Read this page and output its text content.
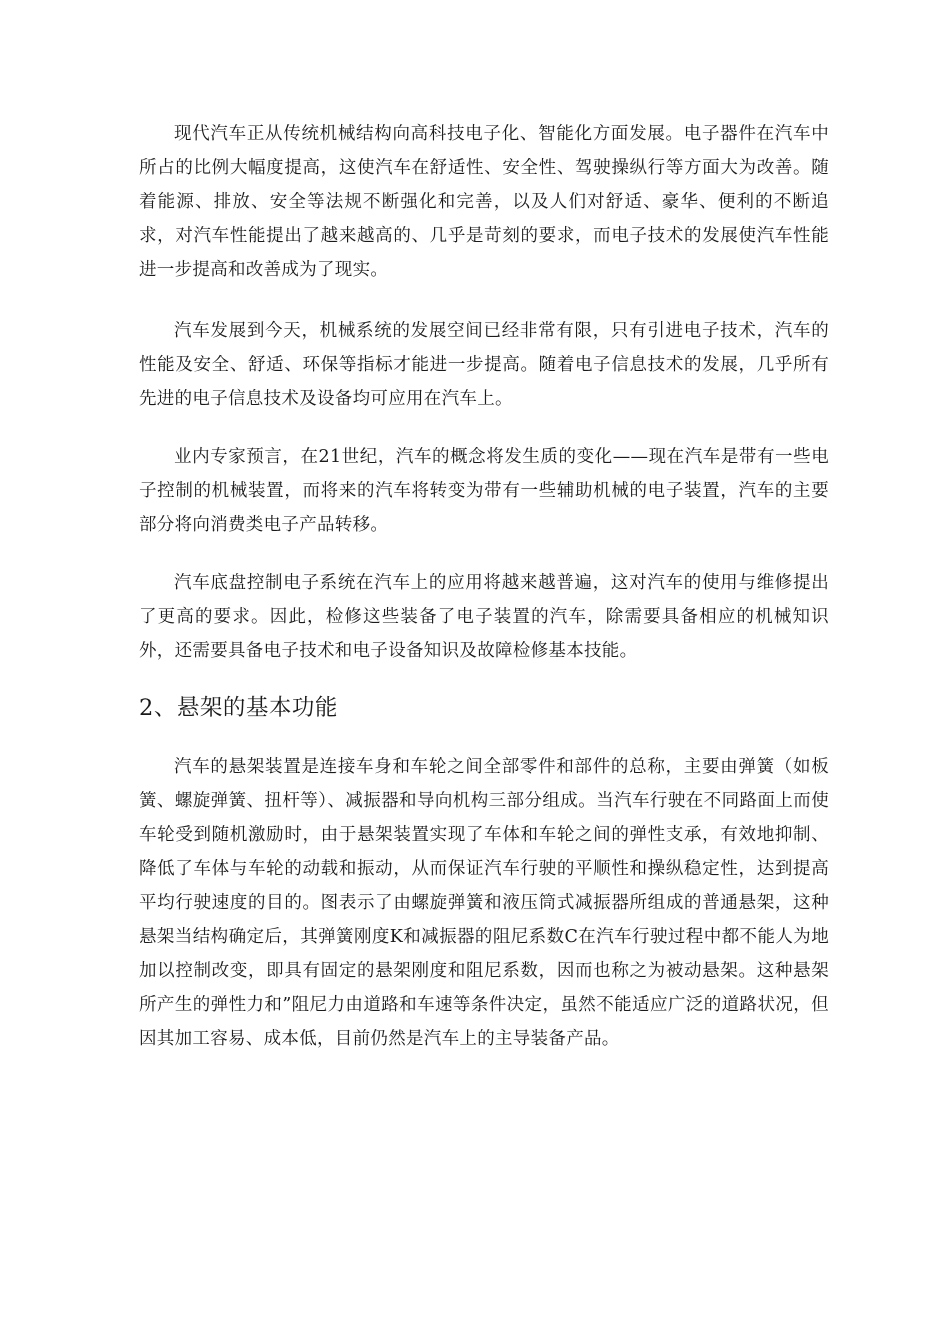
现代汽车正从传统机械结构向高科技电子化、智能化方面发展。电子器件在汽车中所占的比例大幅度提高，这使汽车在舒适性、安全性、驾驶操纵行等方面大为改善。随着能源、排放、安全等法规不断强化和完善，以及人们对舒适、豪华、便利的不断追求，对汽车性能提出了越来越高的、几乎是苛刻的要求，而电子技术的发展使汽车性能进一步提高和改善成为了现实。

汽车发展到今天，机械系统的发展空间已经非常有限，只有引进电子技术，汽车的性能及安全、舒适、环保等指标才能进一步提高。随着电子信息技术的发展，几乎所有先进的电子信息技术及设备均可应用在汽车上。

业内专家预言，在21世纪，汽车的概念将发生质的变化——现在汽车是带有一些电子控制的机械装置，而将来的汽车将转变为带有一些辅助机械的电子装置，汽车的主要部分将向消费类电子产品转移。

汽车底盘控制电子系统在汽车上的应用将越来越普遍，这对汽车的使用与维修提出了更高的要求。因此，检修这些装备了电子装置的汽车，除需要具备相应的机械知识外，还需要具备电子技术和电子设备知识及故障检修基本技能。

2、悬架的基本功能

汽车的悬架装置是连接车身和车轮之间全部零件和部件的总称，主要由弹簧（如板簧、螺旋弹簧、扭杆等）、减振器和导向机构三部分组成。当汽车行驶在不同路面上而使车轮受到随机激励时，由于悬架装置实现了车体和车轮之间的弹性支承，有效地抑制、降低了车体与车轮的动载和振动，从而保证汽车行驶的平顺性和操纵稳定性，达到提高平均行驶速度的目的。图表示了由螺旋弹簧和液压筒式减振器所组成的普通悬架，这种悬架当结构确定后，其弹簧刚度K和减振器的阻尼系数C在汽车行驶过程中都不能人为地加以控制改变，即具有固定的悬架刚度和阻尼系数，因而也称之为被动悬架。这种悬架所产生的弹性力和”阻尼力由道路和车速等条件决定，虽然不能适应广泛的道路状况，但因其加工容易、成本低，目前仍然是汽车上的主导装备产品。
